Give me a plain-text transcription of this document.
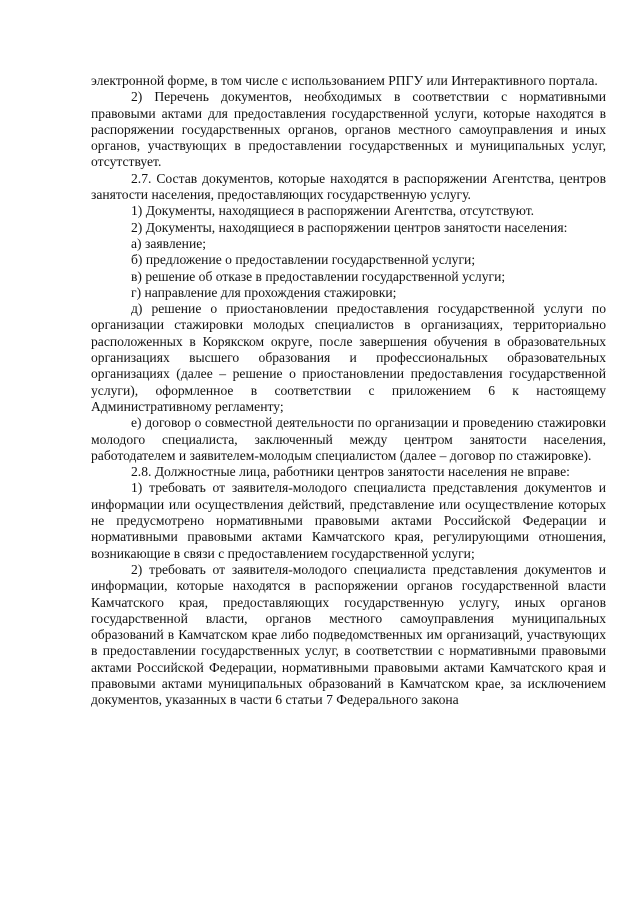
электронной форме, в том числе с использованием РПГУ или Интерактивного портала.

2) Перечень документов, необходимых в соответствии с нормативными правовыми актами для предоставления государственной услуги, которые находятся в распоряжении государственных органов, органов местного самоуправления и иных органов, участвующих в предоставлении государственных и муниципальных услуг, отсутствует.

2.7. Состав документов, которые находятся в распоряжении Агентства, центров занятости населения, предоставляющих государственную услугу.

1) Документы, находящиеся в распоряжении Агентства, отсутствуют.

2) Документы, находящиеся в распоряжении центров занятости населения:

а) заявление;

б) предложение о предоставлении государственной услуги;

в) решение об отказе в предоставлении государственной услуги;

г) направление для прохождения стажировки;

д) решение о приостановлении предоставления государственной услуги по организации стажировки молодых специалистов в организациях, территориально расположенных в Корякском округе, после завершения обучения в образовательных организациях высшего образования и профессиональных образовательных организациях (далее – решение о приостановлении предоставления государственной услуги), оформленное в соответствии с приложением 6 к настоящему Административному регламенту;

е) договор о совместной деятельности по организации и проведению стажировки молодого специалиста, заключенный между центром занятости населения, работодателем и заявителем-молодым специалистом (далее – договор по стажировке).

2.8. Должностные лица, работники центров занятости населения не вправе:

1) требовать от заявителя-молодого специалиста представления документов и информации или осуществления действий, представление или осуществление которых не предусмотрено нормативными правовыми актами Российской Федерации и нормативными правовыми актами Камчатского края, регулирующими отношения, возникающие в связи с предоставлением государственной услуги;

2) требовать от заявителя-молодого специалиста представления документов и информации, которые находятся в распоряжении органов государственной власти Камчатского края, предоставляющих государственную услугу, иных органов государственной власти, органов местного самоуправления муниципальных образований в Камчатском крае либо подведомственных им организаций, участвующих в предоставлении государственных услуг, в соответствии с нормативными правовыми актами Российской Федерации, нормативными правовыми актами Камчатского края и правовыми актами муниципальных образований в Камчатском крае, за исключением документов, указанных в части 6 статьи 7 Федерального закона
